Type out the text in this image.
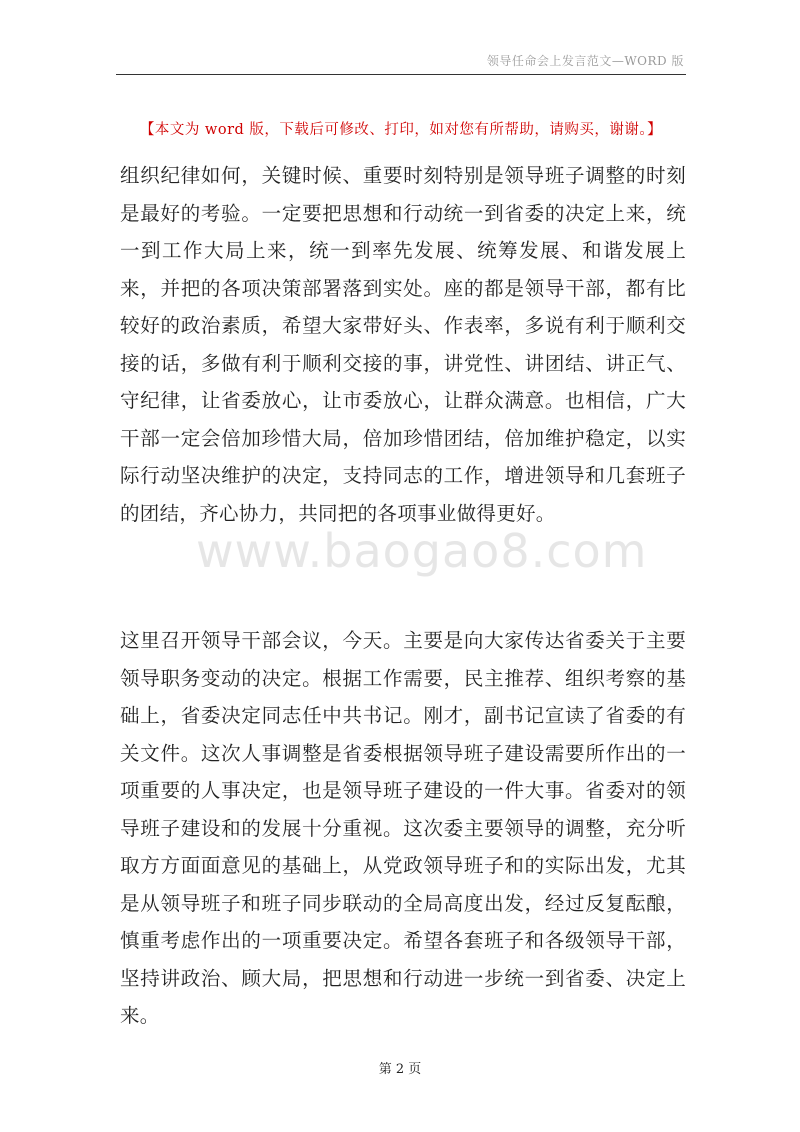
领导任命会上发言范文—WORD 版
【本文为 word 版，下载后可修改、打印，如对您有所帮助，请购买，谢谢。】

组织纪律如何，关键时候、重要时刻特别是领导班子调整的时刻是最好的考验。一定要把思想和行动统一到省委的决定上来，统一到工作大局上来，统一到率先发展、统筹发展、和谐发展上来，并把的各项决策部署落到实处。座的都是领导干部，都有比较好的政治素质，希望大家带好头、作表率，多说有利于顺利交接的话，多做有利于顺利交接的事，讲党性、讲团结、讲正气、守纪律，让省委放心，让市委放心，让群众满意。也相信，广大干部一定会倍加珍惜大局，倍加珍惜团结，倍加维护稳定，以实际行动坚决维护的决定，支持同志的工作，增进领导和几套班子的团结，齐心协力，共同把的各项事业做得更好。

www.baogao8.com

这里召开领导干部会议，今天。主要是向大家传达省委关于主要领导职务变动的决定。根据工作需要，民主推荐、组织考察的基础上，省委决定同志任中共书记。刚才，副书记宣读了省委的有关文件。这次人事调整是省委根据领导班子建设需要所作出的一项重要的人事决定，也是领导班子建设的一件大事。省委对的领导班子建设和的发展十分重视。这次委主要领导的调整，充分听取方方面面意见的基础上，从党政领导班子和的实际出发，尤其是从领导班子和班子同步联动的全局高度出发，经过反复酝酿，慎重考虑作出的一项重要决定。希望各套班子和各级领导干部，坚持讲政治、顾大局，把思想和行动进一步统一到省委、决定上来。

第 2 页
